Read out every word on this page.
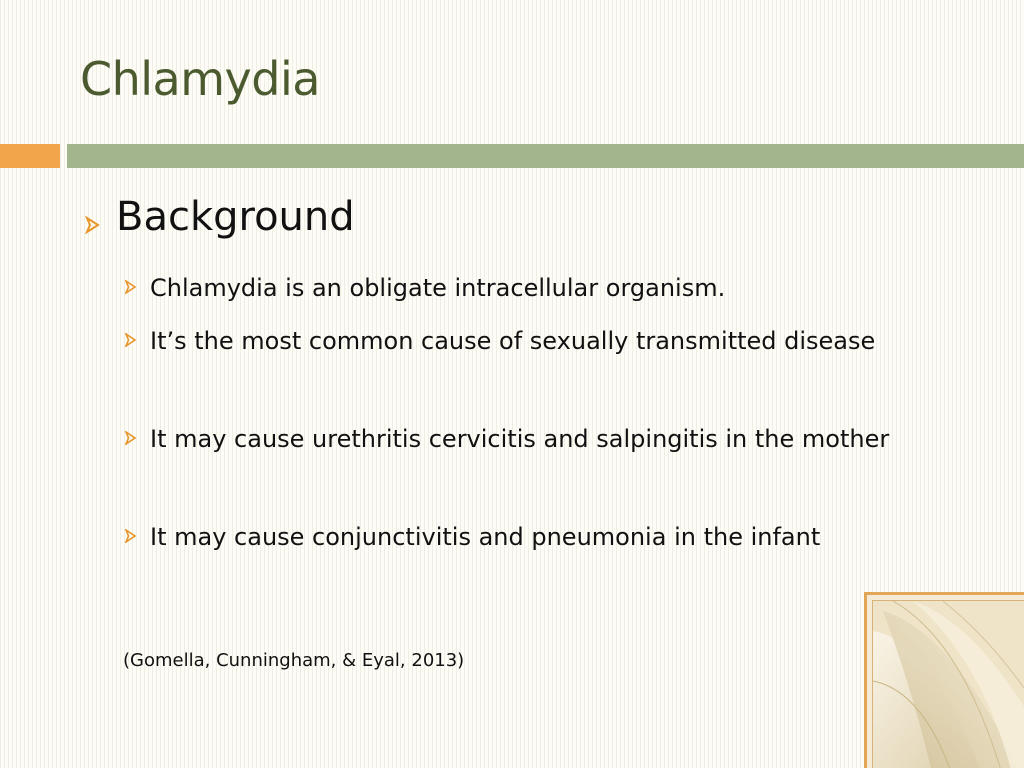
Chlamydia
Background
Chlamydia is an obligate intracellular organism.
It’s the most common cause of sexually transmitted disease
It may cause urethritis cervicitis and salpingitis in the mother
It may cause conjunctivitis and pneumonia in the infant
(Gomella, Cunningham, & Eyal, 2013)
